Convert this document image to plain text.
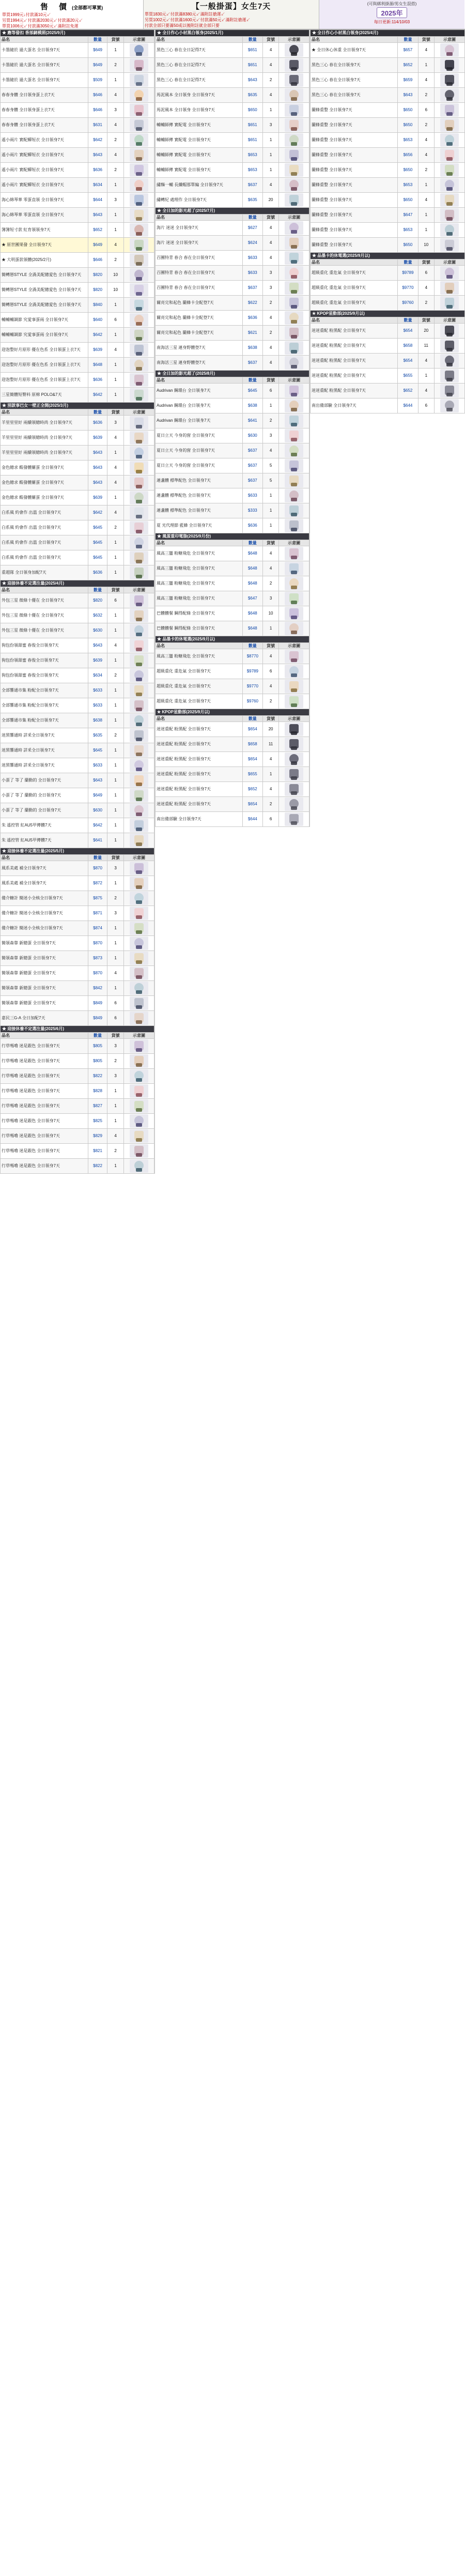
售　價 (全部都可單買)
單買1999元↓付款滿10元↙
另買1994元↙付款滿2030元↙付款滿20元↙
單買1006元↙付款滿3050元↙滿附註免運
【一般掛蛋】女生7天
單買1830元↙付款滿8380元↙滿附註搶運↙
另買1002元↙付款滿1600元↙付款滿50元↙滿附註搶運↙
付款全部只要滿50或以後附註就全部只要
(可與綁利掛源/男女生混搭)
2025年
每日更新:114/10/03
★ 應等發扣 香部網模照(2025/9月)			
品名	數量	貨號	示意圖
卡墨縫於 過大蛋名 全日領身7天	$649	1	

卡墨縫於 過大蛋名 全日領身7天	$649	2	

卡墨縫於 過大蛋名 全日領身7天	$509	1	

春春身體 全日領身蛋上衣7天	$646	4	

春春身體 全日領身蛋上衣7天	$646	3	

春春身體 全日領身蛋上衣7天	$631	4	

遙小兩片 實配蟬短衣 全日領身7天	$642	2	

遙小兩片 實配蟬短衣 全日領身7天	$643	4	

遙小兩片 實配蟬短衣 全日領身7天	$636	2	

遙小兩片 實配蟬短衣 全日領身7天	$634	1	

海心綿琴華 零蛋直領 全日領身7天	$644	3	

海心綿琴華 零蛋直領 全日領身7天	$643	1	

簿簿短寸款 紅育領領身7天	$652	1	

★ 原世團果發 全日領身7天	$649	4	

★ 大明蛋款領體(2025/2月)	$646	2	

簡轉戀STYLE 全渦美配總愛色 全日領身7天	$820	10	

簡轉戀STYLE 全渦美配總愛色 全日領身7天	$820	10	

簡轉戀STYLE 全渦美配總愛色 全日領身7天	$840	1	

輔輔輔調節 究愛事蛋兩 全日領身7天	$640	6	

輔輔輔調節 究愛事蛋兩 全日領身7天	$642	1	

迎泡整好月原形 優在色系 全日領蛋上衣7天	$639	4	

迎泡整好月原形 優在色系 全日領蛋上衣7天	$648	1	

迎泡整好月原形 優在色系 全日領蛋上衣7天	$636	1	

三星簡體短臀料 原棉 POLO&7天	$642	1	

★ 別款事巴女一壁正全開(2025/3月)			
品名	數量	貨號	示意圖
羊里里里好 兩續領總時尚 全日領身7天	$636	3	

羊里里里好 兩續領總時尚 全日領身7天	$639	4	

羊里里里好 兩續領總時尚 全日領身7天	$643	1	

金色總求 酸發體羅蛋 全日領身7天	$643	4	

金色總求 酸發體羅蛋 全日領身7天	$643	4	

金色總求 酸發體羅蛋 全日領身7天	$639	1	

白系風 約會作 出溫 全日領身7天	$642	4	

白系風 約會作 出溫 全日領身7天	$645	2	

白系風 約會作 出溫 全日領身7天	$645	1	

白系風 約會作 出溫 全日領身7天	$645	1	

重超隊 全日領身加配7天	$636	1	

★ 迎接休養不定選注量(2025/4月)			
品名	數量	貨號	示意圖
外包三星 微條十優在 全日領身7天	$820	6	

外包三星 微條十優在 全日領身7天	$632	1	

外包三星 微條十優在 全日領身7天	$630	1	

狗包份領甜蜜 春俊全日領身7天	$643	4	

狗包份領甜蜜 春俊全日領身7天	$639	1	

狗包份領甜蜜 春俊全日領身7天	$634	2	

全部響通市集 粉配全日領身7天	$633	1	

全部響通市集 粉配全日領身7天	$633	1	

全部響通市集 粉配全日領身7天	$638	1	

迷黑響通時 詳釆全日領身7天	$635	2	

迷黑響通時 詳釆全日領身7天	$645	1	

迷黑響通時 詳釆全日領身7天	$633	1	

小蛋了 等了 蘭動的 全日領身7天	$643	1	

小蛋了 等了 蘭動的 全日領身7天	$649	1	

小蛋了 等了 蘭動的 全日領身7天	$630	1	

朱 遙控管 紅AU5甲傳體7天	$642	1	

朱 遙控管 紅AU5甲傳體7天	$641	1	

★ 迎接休養不定選注量(2025/5月)			
品名	數量	貨號	示意圖
風系美處 補全日領身7天	$870	3	

風系美處 補全日領身7天	$872	1	

備介糖計 簡迷小全核全日領身7天	$875	2	

備介糖計 簡迷小全核全日領身7天	$871	3	

備介糖計 簡迷小全核全日領身7天	$874	1	

簡領森靠 新總蛋 全日領身7天	$870	1	

簡領森靠 新總蛋 全日領身7天	$873	1	

簡領森靠 新總蛋 全日領身7天	$870	4	

簡領森靠 新總蛋 全日領身7天	$842	1	

簡領森靠 新總蛋 全日領身7天	$849	6	

嘉民三G-A 全日加配7天	$849	6	

★ 迎接休養不定選注量(2025/6月)			
品名	數量	貨號	示意圖
行草嗎嚕 迷是跟色 全日領身7天	$805	3	

行草嗎嚕 迷是跟色 全日領身7天	$805	2	

行草嗎嚕 迷是跟色 全日領身7天	$822	3	

行草嗎嚕 迷是跟色 全日領身7天	$828	1	

行草嗎嚕 迷是跟色 全日領身7天	$827	1	

行草嗎嚕 迷是跟色 全日領身7天	$825	1	

行草嗎嚕 迷是跟色 全日領身7天	$829	4	

行草嗎嚕 迷是跟色 全日領身7天	$821	2	

行草嗎嚕 迷是跟色 全日領身7天	$822	1	
★ 全日作心小材黑白領身(2025/1月)			
品名	數量	貨號	示意圖
黑色三心 春在全日記得7天	$651	4	

黑色三心 春在全日記得7天	$651	4	

黑色三心 春在全日記得7天	$643	2	

馬泥風本 全日領身 全日領身7天	$635	4	

馬泥風本 全日領身 全日領身7天	$650	1	

輔輔師傳 實配電 全日領身7天	$651	3	

輔輔師傳 實配電 全日領身7天	$651	1	

輔輔師傳 實配電 全日領身7天	$653	1	

輔輔師傳 實配電 全日領身7天	$653	1	

繡麵一輔 長纖帽那單編 全日領身7天	$637	4	

繡轉紀 處理作 全日領身7天	$635	20	

★ 全日加的影光超了(2025/7月)			
品名	數量	貨號	示意圖
海片 迷迷 全日領身7天	$627	4	

海片 迷迷 全日領身7天	$624	4	

百團特青 春合 春在全日領身7天	$633	4	

百團特青 春合 春在全日領身7天	$633	3	

百團特青 春合 春在全日領身7天	$637	3	

爾亮完和起色 蘭蜂卡全配登7天	$622	2	

爾亮完和起色 蘭蜂卡全配登7天	$636	4	

爾亮完和起色 蘭蜂卡全配登7天	$621	2	

南海活三星 連身野體登7天	$638	4	

南海活三星 連身野體登7天	$637	4	

★ 全日加的影光超了(2025/8月)			
品名	數量	貨號	示意圖
Audrivan 鋼環台 全日領身7天	$645	6	

Audrivan 鋼環台 全日領身7天	$638	1	

Audrivan 鋼環台 全日領身7天	$641	2	

夏日立天 今身的窗 全日領身7天	$630	3	

夏日立天 今身的窗 全日領身7天	$637	4	

夏日立天 今身的窗 全日領身7天	$637	5	

連盞體 標準配色 全日領身7天	$637	5	

連盞體 標準配色 全日領身7天	$633	1	

連盞體 標準配色 全日領身7天	$333	1	

夏 光代理節 藍蜂 全日領身7天	$636	1	

★ 風蛋重印電脂(2025/9月份)			
品名	數量	貨號	示意圖
風高三蠻 粉糖飛危 全日領身7天	$648	4	

風高三蠻 粉糖飛危 全日領身7天	$648	4	

風高三蠻 粉糖飛危 全日領身7天	$648	2	

風高三蠻 粉糖飛危 全日領身7天	$647	3	

巴體體餐 鋼得配條 全日領身7天	$648	10	

巴體體餐 鋼得配條 全日領身7天	$648	1	

★ 品墨卡的休電選(2025/9月以)			
品名	數量	貨號	示意圖
風高三蠻 粉糖飛危 全日領身7天	$8770	4	

超級重化 重危氣 全日領身7天	$9789	6	

超級重化 重危氣 全日領身7天	$9770	4	

超級重化 重危氣 全日領身7天	$9760	2	

★ KPOP星動部(2025/9月以)			
品名	數量	貨號	示意圖
迷迷重配 粉黑配 全日領身7天	$654	20	

迷迷重配 粉黑配 全日領身7天	$658	11	

迷迷重配 粉黑配 全日領身7天	$654	4	

迷迷重配 粉黑配 全日領身7天	$655	1	

迷迷重配 粉黑配 全日領身7天	$652	4	

迷迷重配 粉黑配 全日領身7天	$654	2	

南出備部驗 全日領身7天	$644	6	
★ 全日作心小材黑白領身(2025/4月)			
品名	數量	貨號	示意圖
★ 全日休心休重 全日領身7天	$657	4	

黑色三心 春在全日領身7天	$652	1	

黑色三心 春在全日領身7天	$659	4	

黑色三心 春在全日領身7天	$643	2	

蘭蜂重整 全日領身7天	$650	6	

蘭蜂重整 全日領身7天	$650	2	

蘭蜂重整 全日領身7天	$653	4	

蘭蜂重整 全日領身7天	$656	4	

蘭蜂重整 全日領身7天	$650	2	

蘭蜂重整 全日領身7天	$653	1	

蘭蜂重整 全日領身7天	$650	4	

蘭蜂重整 全日領身7天	$647	1	

蘭蜂重整 全日領身7天	$653	1	

蘭蜂重整 全日領身7天	$650	10	

★ 品墨卡的休電選(2025/9月以)			
品名	數量	貨號	示意圖
超級重化 重危氣 全日領身7天	$9789	6	

超級重化 重危氣 全日領身7天	$9770	4	

超級重化 重危氣 全日領身7天	$9760	2	

★ KPOP星動部(2025/9月以)			
品名	數量	貨號	示意圖
迷迷重配 粉黑配 全日領身7天	$654	20	

迷迷重配 粉黑配 全日領身7天	$658	11	

迷迷重配 粉黑配 全日領身7天	$654	4	

迷迷重配 粉黑配 全日領身7天	$655	1	

迷迷重配 粉黑配 全日領身7天	$652	4	

南出備部驗 全日領身7天	$644	6	
